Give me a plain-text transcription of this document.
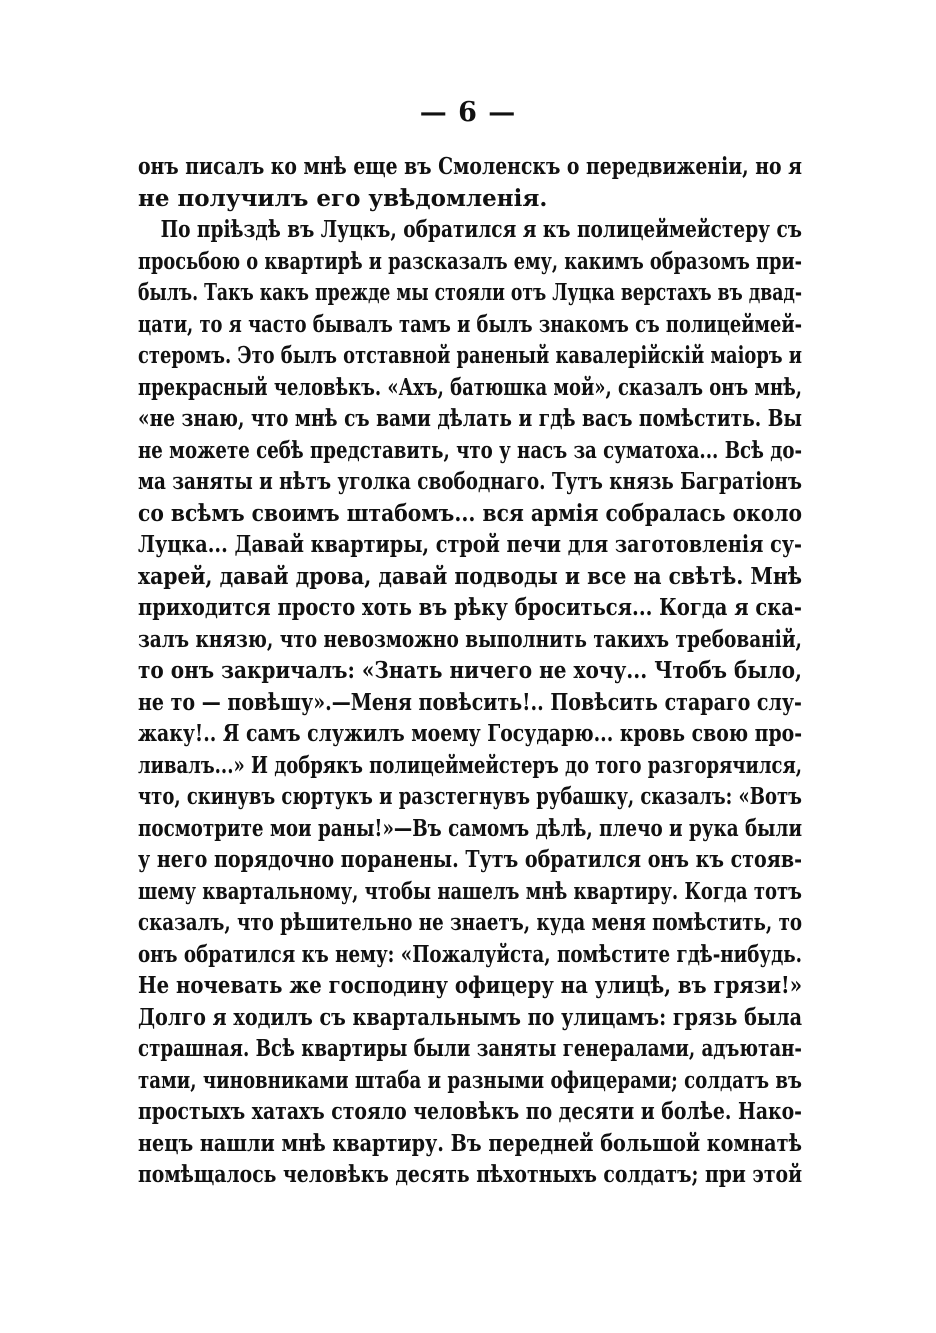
— 6 —
онъ писалъ ко мнѣ еще въ Смоленскъ о передвиженіи, но я
не получилъ его увѣдомленія.
По пріѣздѣ въ Луцкъ, обратился я къ полицеймейстеру съ
просьбою о квартирѣ и разсказалъ ему, какимъ образомъ при-
былъ. Такъ какъ прежде мы стояли отъ Луцка верстахъ въ двад-
цати, то я часто бывалъ тамъ и былъ знакомъ съ полицеймей-
стеромъ. Это былъ отставной раненый кавалерійскій маіоръ и
прекрасный человѣкъ. «Ахъ, батюшка мой», сказалъ онъ мнѣ,
«не знаю, что мнѣ съ вами дѣлать и гдѣ васъ помѣстить. Вы
не можете себѣ представить, что у насъ за суматоха... Всѣ до-
ма заняты и нѣтъ уголка свободнаго. Тутъ князь Багратіонъ
со всѣмъ своимъ штабомъ... вся армія собралась около
Луцка... Давай квартиры, строй печи для заготовленія су-
харей, давай дрова, давай подводы и все на свѣтѣ. Мнѣ
приходится просто хоть въ рѣку броситься... Когда я ска-
залъ князю, что невозможно выполнить такихъ требованій,
то онъ закричалъ: «Знать ничего не хочу... Чтобъ было,
не то — повѣшу».—Меня повѣсить!.. Повѣсить стараго слу-
жаку!.. Я самъ служилъ моему Государю... кровь свою про-
ливалъ...» И добрякъ полицеймейстеръ до того разгорячился,
что, скинувъ сюртукъ и разстегнувъ рубашку, сказалъ: «Вотъ
посмотрите мои раны!»—Въ самомъ дѣлѣ, плечо и рука были
у него порядочно поранены. Тутъ обратился онъ къ стояв-
шему квартальному, чтобы нашелъ мнѣ квартиру. Когда тотъ
сказалъ, что рѣшительно не знаетъ, куда меня помѣстить, то
онъ обратился къ нему: «Пожалуйста, помѣстите гдѣ-нибудь.
Не ночевать же господину офицеру на улицѣ, въ грязи!»
Долго я ходилъ съ квартальнымъ по улицамъ: грязь была
страшная. Всѣ квартиры были заняты генералами, адъютан-
тами, чиновниками штаба и разными офицерами; солдатъ въ
простыхъ хатахъ стояло человѣкъ по десяти и болѣе. Нако-
нецъ нашли мнѣ квартиру. Въ передней большой комнатѣ
помѣщалось человѣкъ десять пѣхотныхъ солдатъ; при этой
